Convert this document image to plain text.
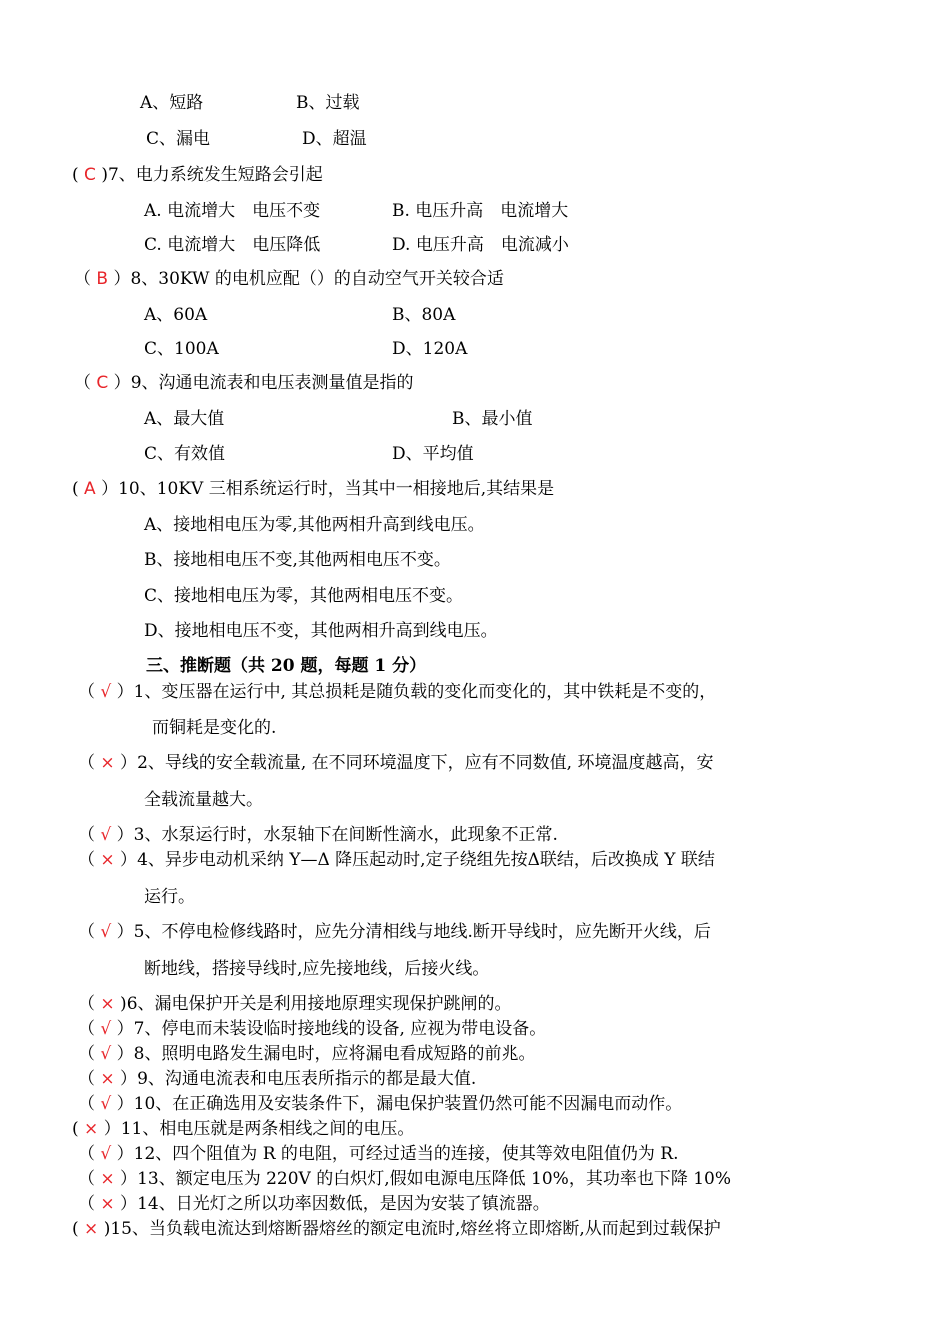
A、短路	B、过载
C、漏电	D、超温
( C )7、电力系统发生短路会引起
A. 电流增大　电压不变	B. 电压升高　电流增大
C. 电流增大　电压降低	D. 电压升高　电流减小
（ B ）8、30KW 的电机应配（）的自动空气开关较合适
A、60A	B、80A
C、100A	D、120A
（ C ）9、沟通电流表和电压表测量值是指的
A、最大值	B、最小值
C、有效值	D、平均值
( A ）10、10KV 三相系统运行时，当其中一相接地后,其结果是
A、接地相电压为零,其他两相升高到线电压。
B、接地相电压不变,其他两相电压不变。
C、接地相电压为零，其他两相电压不变。
D、接地相电压不变，其他两相升高到线电压。
三、推断题（共 20 题，每题 1 分）
（ √ ）1、变压器在运行中, 其总损耗是随负载的变化而变化的，其中铁耗是不变的，
而铜耗是变化的.
（ × ）2、导线的安全载流量, 在不同环境温度下，应有不同数值, 环境温度越高，安
全载流量越大。
（ √ ）3、水泵运行时，水泵轴下在间断性滴水，此现象不正常.
（ × ）4、异步电动机采纳 Y—Δ 降压起动时,定子绕组先按Δ联结，后改换成 Y 联结
运行。
（ √ ）5、不停电检修线路时，应先分清相线与地线.断开导线时，应先断开火线，后
断地线，搭接导线时,应先接地线，后接火线。
（ × )6、漏电保护开关是利用接地原理实现保护跳闸的。
（ √ ）7、停电而未装设临时接地线的设备, 应视为带电设备。
（ √ ）8、照明电路发生漏电时，应将漏电看成短路的前兆。
（ × ）9、沟通电流表和电压表所指示的都是最大值.
（ √ ）10、在正确选用及安装条件下，漏电保护装置仍然可能不因漏电而动作。
( × ）11、相电压就是两条相线之间的电压。
（ √ ）12、四个阻值为 R 的电阻，可经过适当的连接，使其等效电阻值仍为 R.
（ × ）13、额定电压为 220V 的白炽灯,假如电源电压降低 10%，其功率也下降 10%
（ × ）14、日光灯之所以功率因数低，是因为安装了镇流器。
( × )15、当负载电流达到熔断器熔丝的额定电流时,熔丝将立即熔断,从而起到过载保护
